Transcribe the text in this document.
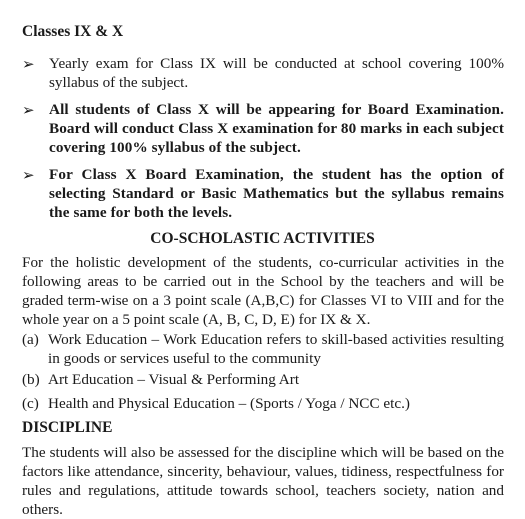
Classes IX & X
➢ Yearly exam for Class IX will be conducted at school covering 100% syllabus of the subject.
➢ All students of Class X will be appearing for Board Examination. Board will conduct Class X examination for 80 marks in each subject covering 100% syllabus of the subject.
➢ For Class X Board Examination, the student has the option of selecting Standard or Basic Mathematics but the syllabus remains the same for both the levels.
CO-SCHOLASTIC ACTIVITIES
For the holistic development of the students, co-curricular activities in the following areas to be carried out in the School by the teachers and will be graded term-wise on a 3 point scale (A,B,C) for Classes VI to VIII and for the whole year on a 5 point scale (A, B, C, D, E) for IX & X.
(a) Work Education – Work Education refers to skill-based activities resulting in goods or services useful to the community
(b) Art Education – Visual & Performing Art
(c) Health and Physical Education – (Sports / Yoga / NCC etc.)
DISCIPLINE
The students will also be assessed for the discipline which will be based on the factors like attendance, sincerity, behaviour, values, tidiness, respectfulness for rules and regulations, attitude towards school, teachers society, nation and others.
